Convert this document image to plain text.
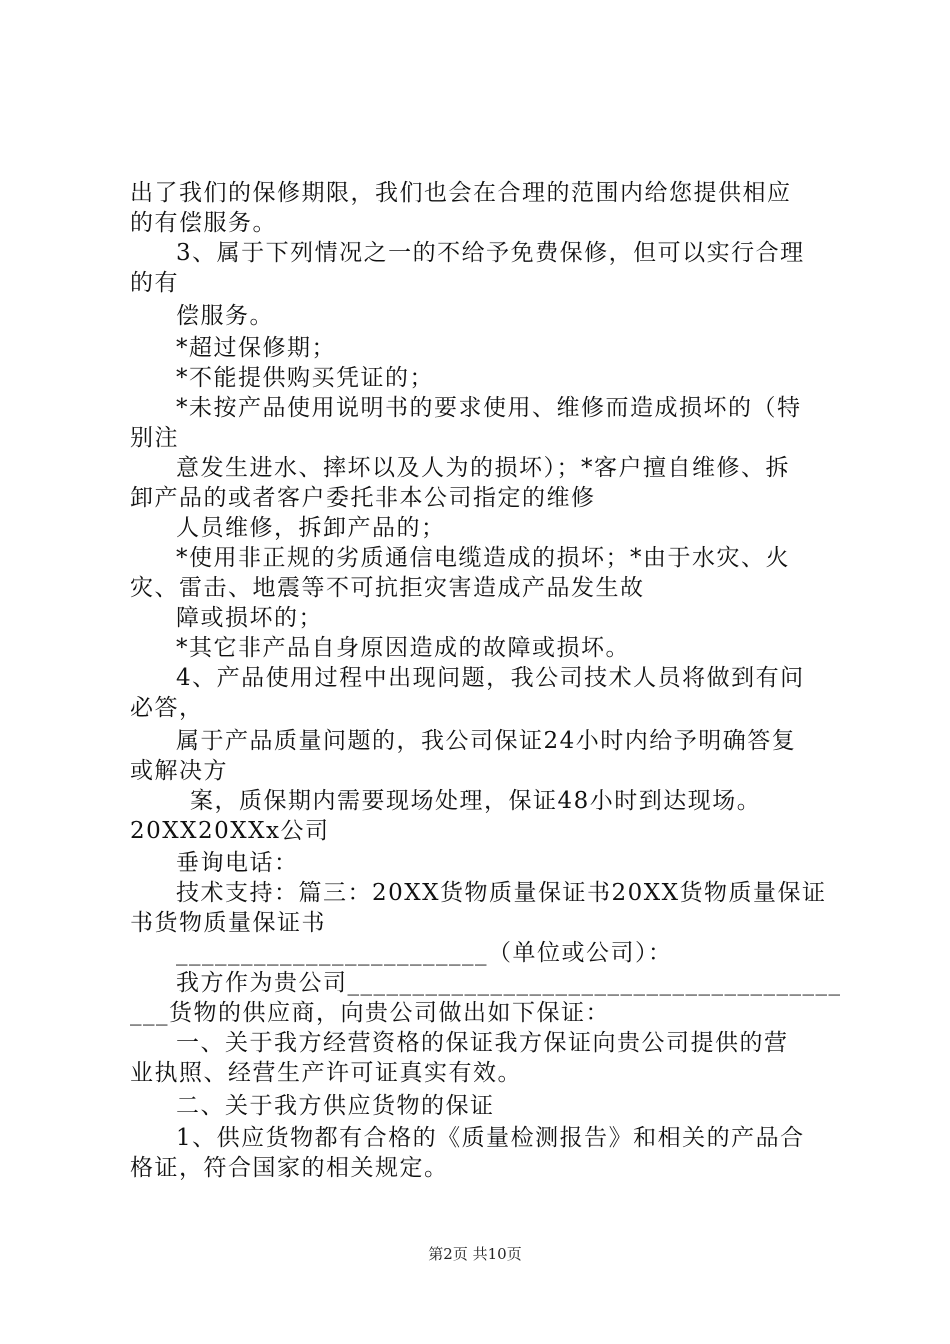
出了我们的保修期限，我们也会在合理的范围内给您提供相应
的有偿服务。
3、属于下列情况之一的不给予免费保修，但可以实行合理
的有
偿服务。
*超过保修期；
*不能提供购买凭证的；
*未按产品使用说明书的要求使用、维修而造成损坏的（特
别注
意发生进水、摔坏以及人为的损坏）；*客户擅自维修、拆
卸产品的或者客户委托非本公司指定的维修
人员维修，拆卸产品的；
*使用非正规的劣质通信电缆造成的损坏；*由于水灾、火
灾、雷击、地震等不可抗拒灾害造成产品发生故
障或损坏的；
*其它非产品自身原因造成的故障或损坏。
4、产品使用过程中出现问题，我公司技术人员将做到有问
必答，
属于产品质量问题的，我公司保证24小时内给予明确答复
或解决方
案，质保期内需要现场处理，保证48小时到达现场。
20XX20XXx公司
垂询电话：
技术支持：篇三：20XX货物质量保证书20XX货物质量保证
书货物质量保证书
________________________（单位或公司）：
我方作为贵公司______________________________________
___货物的供应商，向贵公司做出如下保证：
一、关于我方经营资格的保证我方保证向贵公司提供的营
业执照、经营生产许可证真实有效。
二、关于我方供应货物的保证
1、供应货物都有合格的《质量检测报告》和相关的产品合
格证，符合国家的相关规定。
第2页 共10页
